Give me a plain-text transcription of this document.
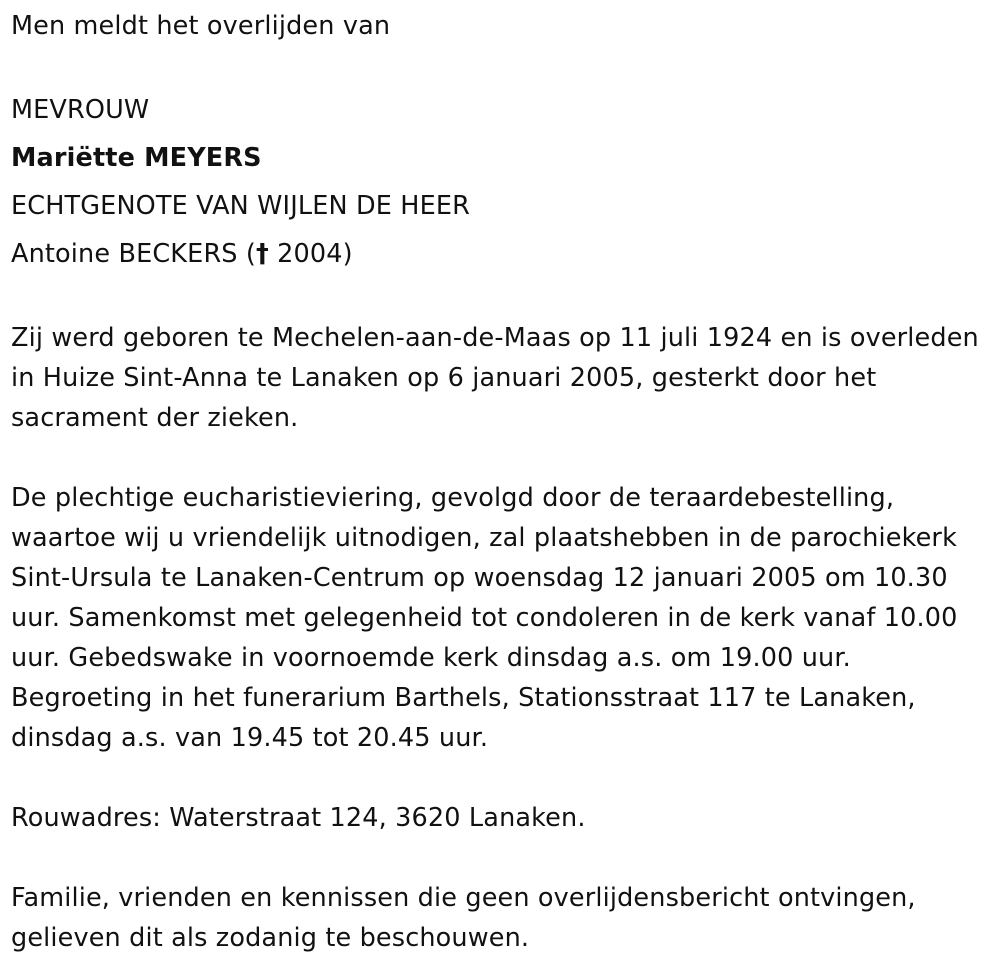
Men meldt het overlijden van
MEVROUW
Mariëtte MEYERS
ECHTGENOTE VAN WIJLEN DE HEER
Antoine BECKERS († 2004)
Zij werd geboren te Mechelen-aan-de-Maas op 11 juli 1924 en is overleden
in Huize Sint-Anna te Lanaken op 6 januari 2005, gesterkt door het
sacrament der zieken.
De plechtige eucharistieviering, gevolgd door de teraardebestelling,
waartoe wij u vriendelijk uitnodigen, zal plaatshebben in de parochiekerk
Sint-Ursula te Lanaken-Centrum op woensdag 12 januari 2005 om 10.30
uur. Samenkomst met gelegenheid tot condoleren in de kerk vanaf 10.00
uur. Gebedswake in voornoemde kerk dinsdag a.s. om 19.00 uur.
Begroeting in het funerarium Barthels, Stationsstraat 117 te Lanaken,
dinsdag a.s. van 19.45 tot 20.45 uur.
Rouwadres: Waterstraat 124, 3620 Lanaken.
Familie, vrienden en kennissen die geen overlijdensbericht ontvingen,
gelieven dit als zodanig te beschouwen.
